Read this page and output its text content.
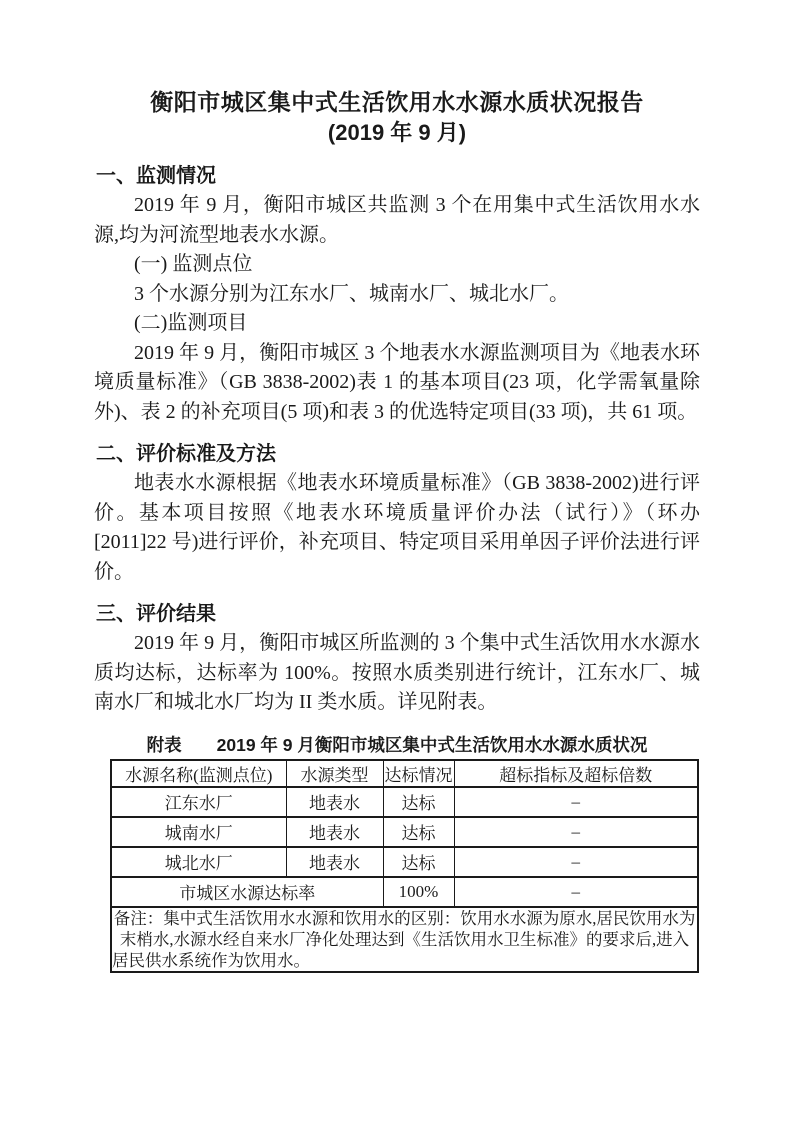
衡阳市城区集中式生活饮用水水源水质状况报告
(2019 年 9 月)
一、监测情况

2019 年 9 月，衡阳市城区共监测 3 个在用集中式生活饮用水水源,均为河流型地表水水源。

(一) 监测点位

3 个水源分别为江东水厂、城南水厂、城北水厂。

(二)监测项目

2019 年 9 月，衡阳市城区 3 个地表水水源监测项目为《地表水环境质量标准》（GB 3838-2002)表 1 的基本项目(23 项，化学需氧量除外)、表 2 的补充项目(5 项)和表 3 的优选特定项目(33 项)，共 61 项。

二、评价标准及方法

地表水水源根据《地表水环境质量标准》（GB 3838-2002)进行评价。基本项目按照《地表水环境质量评价办法（试行）》（环办[2011]22 号)进行评价，补充项目、特定项目采用单因子评价法进行评价。

三、评价结果

2019 年 9 月，衡阳市城区所监测的 3 个集中式生活饮用水水源水质均达标，达标率为 100%。按照水质类别进行统计，江东水厂、城南水厂和城北水厂均为 II 类水质。详见附表。

附表 2019 年 9 月衡阳市城区集中式生活饮用水水源水质状况
水源名称(监测点位)	水源类型	达标情况	超标指标及超标倍数
江东水厂	地表水	达标	–
城南水厂	地表水	达标	–
城北水厂	地表水	达标	–
市城区水源达标率		100%	–
备注：集中式生活饮用水水源和饮用水的区别：饮用水水源为原水,居民饮用水为末梢水,水源水经自来水厂净化处理达到《生活饮用水卫生标准》的要求后,进入居民供水系统作为饮用水。			
